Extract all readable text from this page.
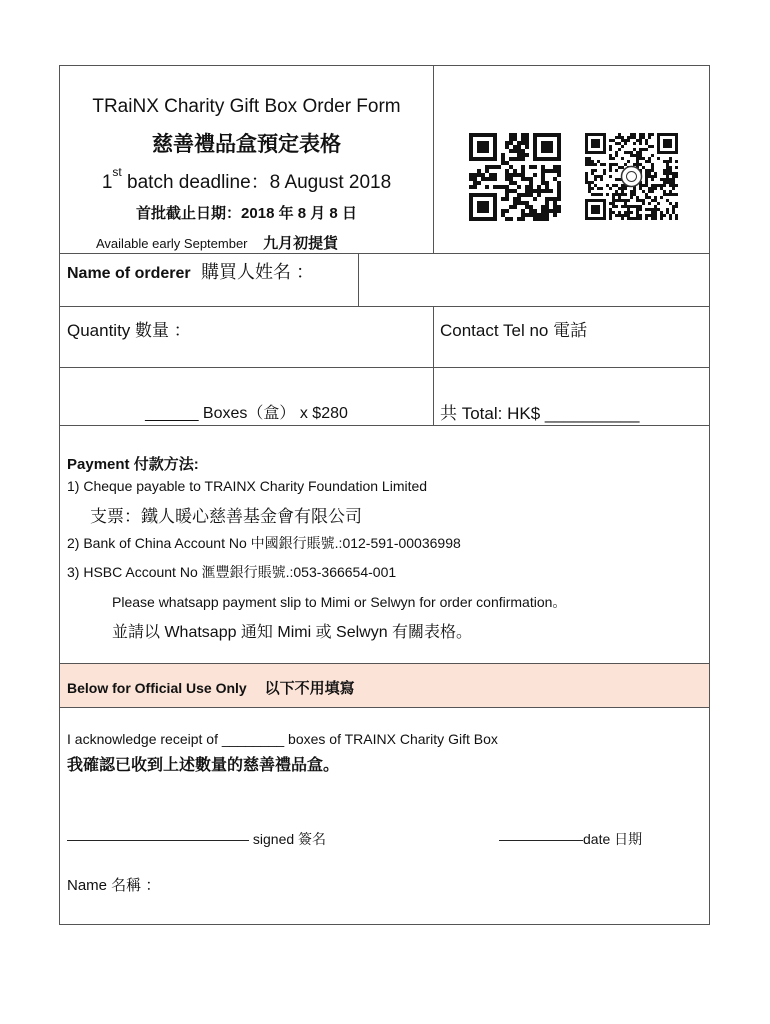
TRaiNX Charity Gift Box Order Form
慈善禮品盒預定表格
1st batch deadline：8 August 2018
首批截止日期：2018 年 8 月 8 日
Available early September 九月初提貨
Name of orderer 購買人姓名 ：
Quantity 數量 ：	Contact Tel no 電話
______ Boxes（盒） x $280	共 Total: HK$ __________
Payment 付款方法:
1) Cheque payable to TRAINX Charity Foundation Limited
支票：鐵人暖心慈善基金會有限公司
2) Bank of China Account No 中國銀行賬號.:012-591-00036998
3) HSBC Account No 滙豐銀行賬號.:053-366654-001
Please whatsapp payment slip to Mimi or Selwyn for order confirmation。
並請以 Whatsapp 通知 Mimi 或 Selwyn 有關表格。
Below for Official Use Only 以下不用填寫
I acknowledge receipt of ________ boxes of TRAINX Charity Gift Box
我確認已收到上述數量的慈善禮品盒。
————————————— signed 簽名	——————date 日期
Name 名稱 ：
